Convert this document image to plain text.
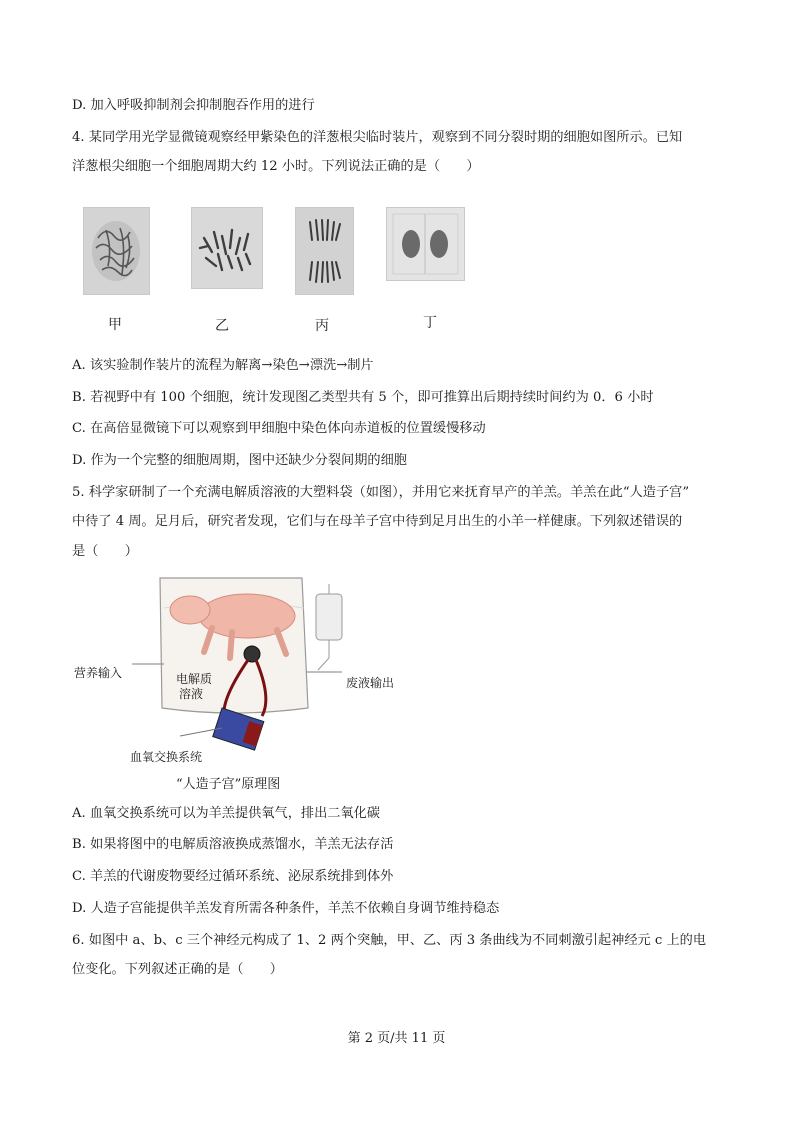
D. 加入呼吸抑制剂会抑制胞吞作用的进行
4. 某同学用光学显微镜观察经甲紫染色的洋葱根尖临时装片，观察到不同分裂时期的细胞如图所示。已知
洋葱根尖细胞一个细胞周期大约 12 小时。下列说法正确的是（　　）
甲	乙	丙	丁
A. 该实验制作装片的流程为解离→染色→漂洗→制片
B. 若视野中有 100 个细胞，统计发现图乙类型共有 5 个，即可推算出后期持续时间约为 0．6 小时
C. 在高倍显微镜下可以观察到甲细胞中染色体向赤道板的位置缓慢移动
D. 作为一个完整的细胞周期，图中还缺少分裂间期的细胞
5. 科学家研制了一个充满电解质溶液的大塑料袋（如图），并用它来抚育早产的羊羔。羊羔在此“人造子宫”
中待了 4 周。足月后，研究者发现，它们与在母羊子宫中待到足月出生的小羊一样健康。下列叙述错误的
是（　　）
营养输入	电解质
溶液
废液输出
血氧交换系统
“人造子宫”原理图
A. 血氧交换系统可以为羊羔提供氧气，排出二氧化碳
B. 如果将图中的电解质溶液换成蒸馏水，羊羔无法存活
C. 羊羔的代谢废物要经过循环系统、泌尿系统排到体外
D. 人造子宫能提供羊羔发育所需各种条件，羊羔不依赖自身调节维持稳态
6. 如图中 a、b、c 三个神经元构成了 1、2 两个突触，甲、乙、丙 3 条曲线为不同刺激引起神经元 c 上的电
位变化。下列叙述正确的是（　　）
第 2 页/共 11 页
